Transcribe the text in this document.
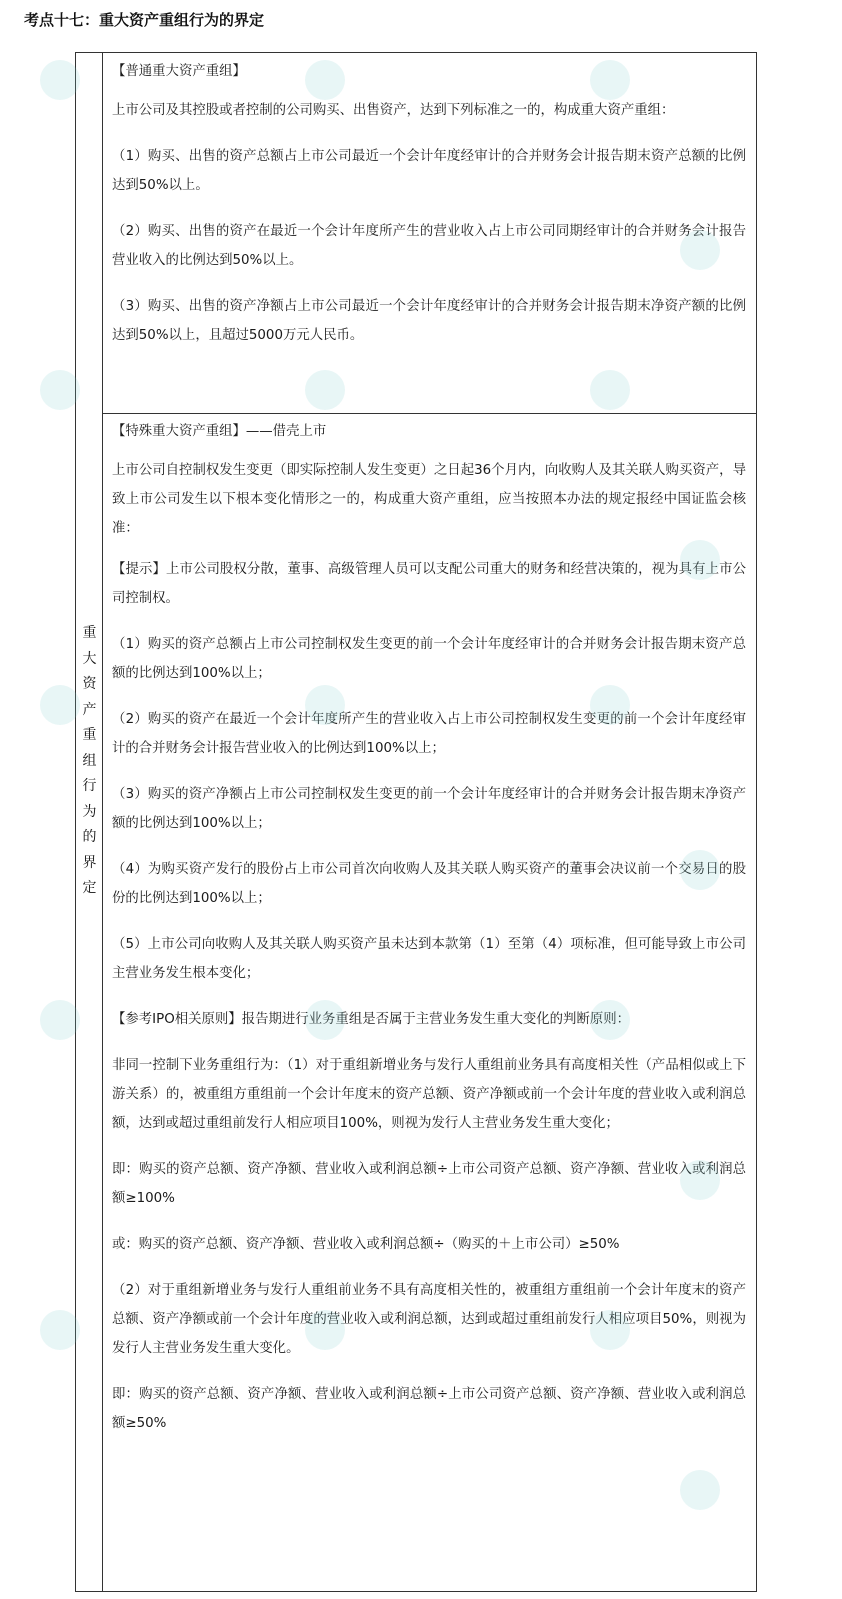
考点十七：重大资产重组行为的界定
重
大
资
产
重
组
行
为
的
界
定

【普通重大资产重组】

上市公司及其控股或者控制的公司购买、出售资产，达到下列标准之一的，构成重大资产重组：

（1）购买、出售的资产总额占上市公司最近一个会计年度经审计的合并财务会计报告期末资产总额的比例达到50%以上。

（2）购买、出售的资产在最近一个会计年度所产生的营业收入占上市公司同期经审计的合并财务会计报告营业收入的比例达到50%以上。

（3）购买、出售的资产净额占上市公司最近一个会计年度经审计的合并财务会计报告期末净资产额的比例达到50%以上，且超过5000万元人民币。

【特殊重大资产重组】——借壳上市

上市公司自控制权发生变更（即实际控制人发生变更）之日起36个月内，向收购人及其关联人购买资产，导致上市公司发生以下根本变化情形之一的，构成重大资产重组，应当按照本办法的规定报经中国证监会核准：

【提示】上市公司股权分散，董事、高级管理人员可以支配公司重大的财务和经营决策的，视为具有上市公司控制权。

（1）购买的资产总额占上市公司控制权发生变更的前一个会计年度经审计的合并财务会计报告期末资产总额的比例达到100%以上；

（2）购买的资产在最近一个会计年度所产生的营业收入占上市公司控制权发生变更的前一个会计年度经审计的合并财务会计报告营业收入的比例达到100%以上；

（3）购买的资产净额占上市公司控制权发生变更的前一个会计年度经审计的合并财务会计报告期末净资产额的比例达到100%以上；

（4）为购买资产发行的股份占上市公司首次向收购人及其关联人购买资产的董事会决议前一个交易日的股份的比例达到100%以上；

（5）上市公司向收购人及其关联人购买资产虽未达到本款第（1）至第（4）项标准，但可能导致上市公司主营业务发生根本变化；

【参考IPO相关原则】报告期进行业务重组是否属于主营业务发生重大变化的判断原则：

非同一控制下业务重组行为：（1）对于重组新增业务与发行人重组前业务具有高度相关性（产品相似或上下游关系）的，被重组方重组前一个会计年度末的资产总额、资产净额或前一个会计年度的营业收入或利润总额，达到或超过重组前发行人相应项目100%，则视为发行人主营业务发生重大变化；

即：购买的资产总额、资产净额、营业收入或利润总额÷上市公司资产总额、资产净额、营业收入或利润总额≥100%

或：购买的资产总额、资产净额、营业收入或利润总额÷（购买的＋上市公司）≥50%

（2）对于重组新增业务与发行人重组前业务不具有高度相关性的，被重组方重组前一个会计年度末的资产总额、资产净额或前一个会计年度的营业收入或利润总额，达到或超过重组前发行人相应项目50%，则视为发行人主营业务发生重大变化。

即：购买的资产总额、资产净额、营业收入或利润总额÷上市公司资产总额、资产净额、营业收入或利润总额≥50%
